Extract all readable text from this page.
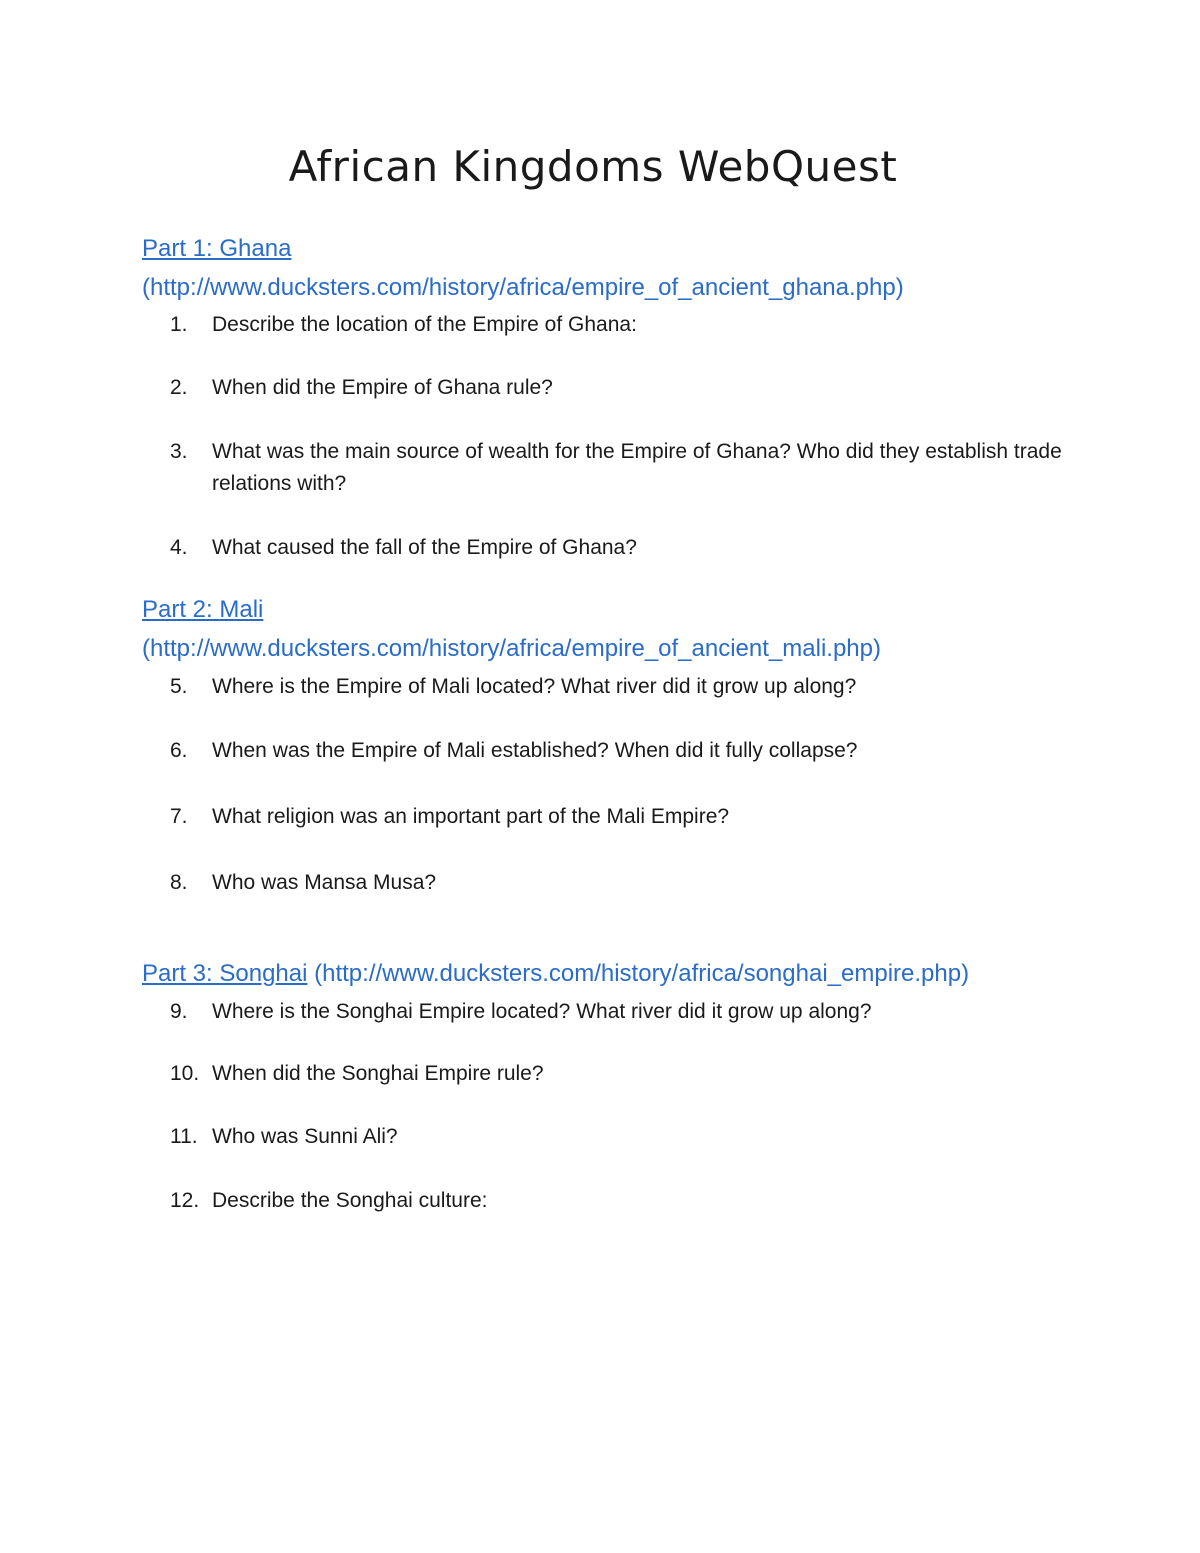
African Kingdoms WebQuest
Part 1: Ghana
(http://www.ducksters.com/history/africa/empire_of_ancient_ghana.php)
1. Describe the location of the Empire of Ghana:
2. When did the Empire of Ghana rule?
3. What was the main source of wealth for the Empire of Ghana? Who did they establish trade relations with?
4. What caused the fall of the Empire of Ghana?
Part 2: Mali
(http://www.ducksters.com/history/africa/empire_of_ancient_mali.php)
5. Where is the Empire of Mali located? What river did it grow up along?
6. When was the Empire of Mali established? When did it fully collapse?
7. What religion was an important part of the Mali Empire?
8. Who was Mansa Musa?
Part 3: Songhai (http://www.ducksters.com/history/africa/songhai_empire.php)
9. Where is the Songhai Empire located? What river did it grow up along?
10. When did the Songhai Empire rule?
11. Who was Sunni Ali?
12. Describe the Songhai culture:
